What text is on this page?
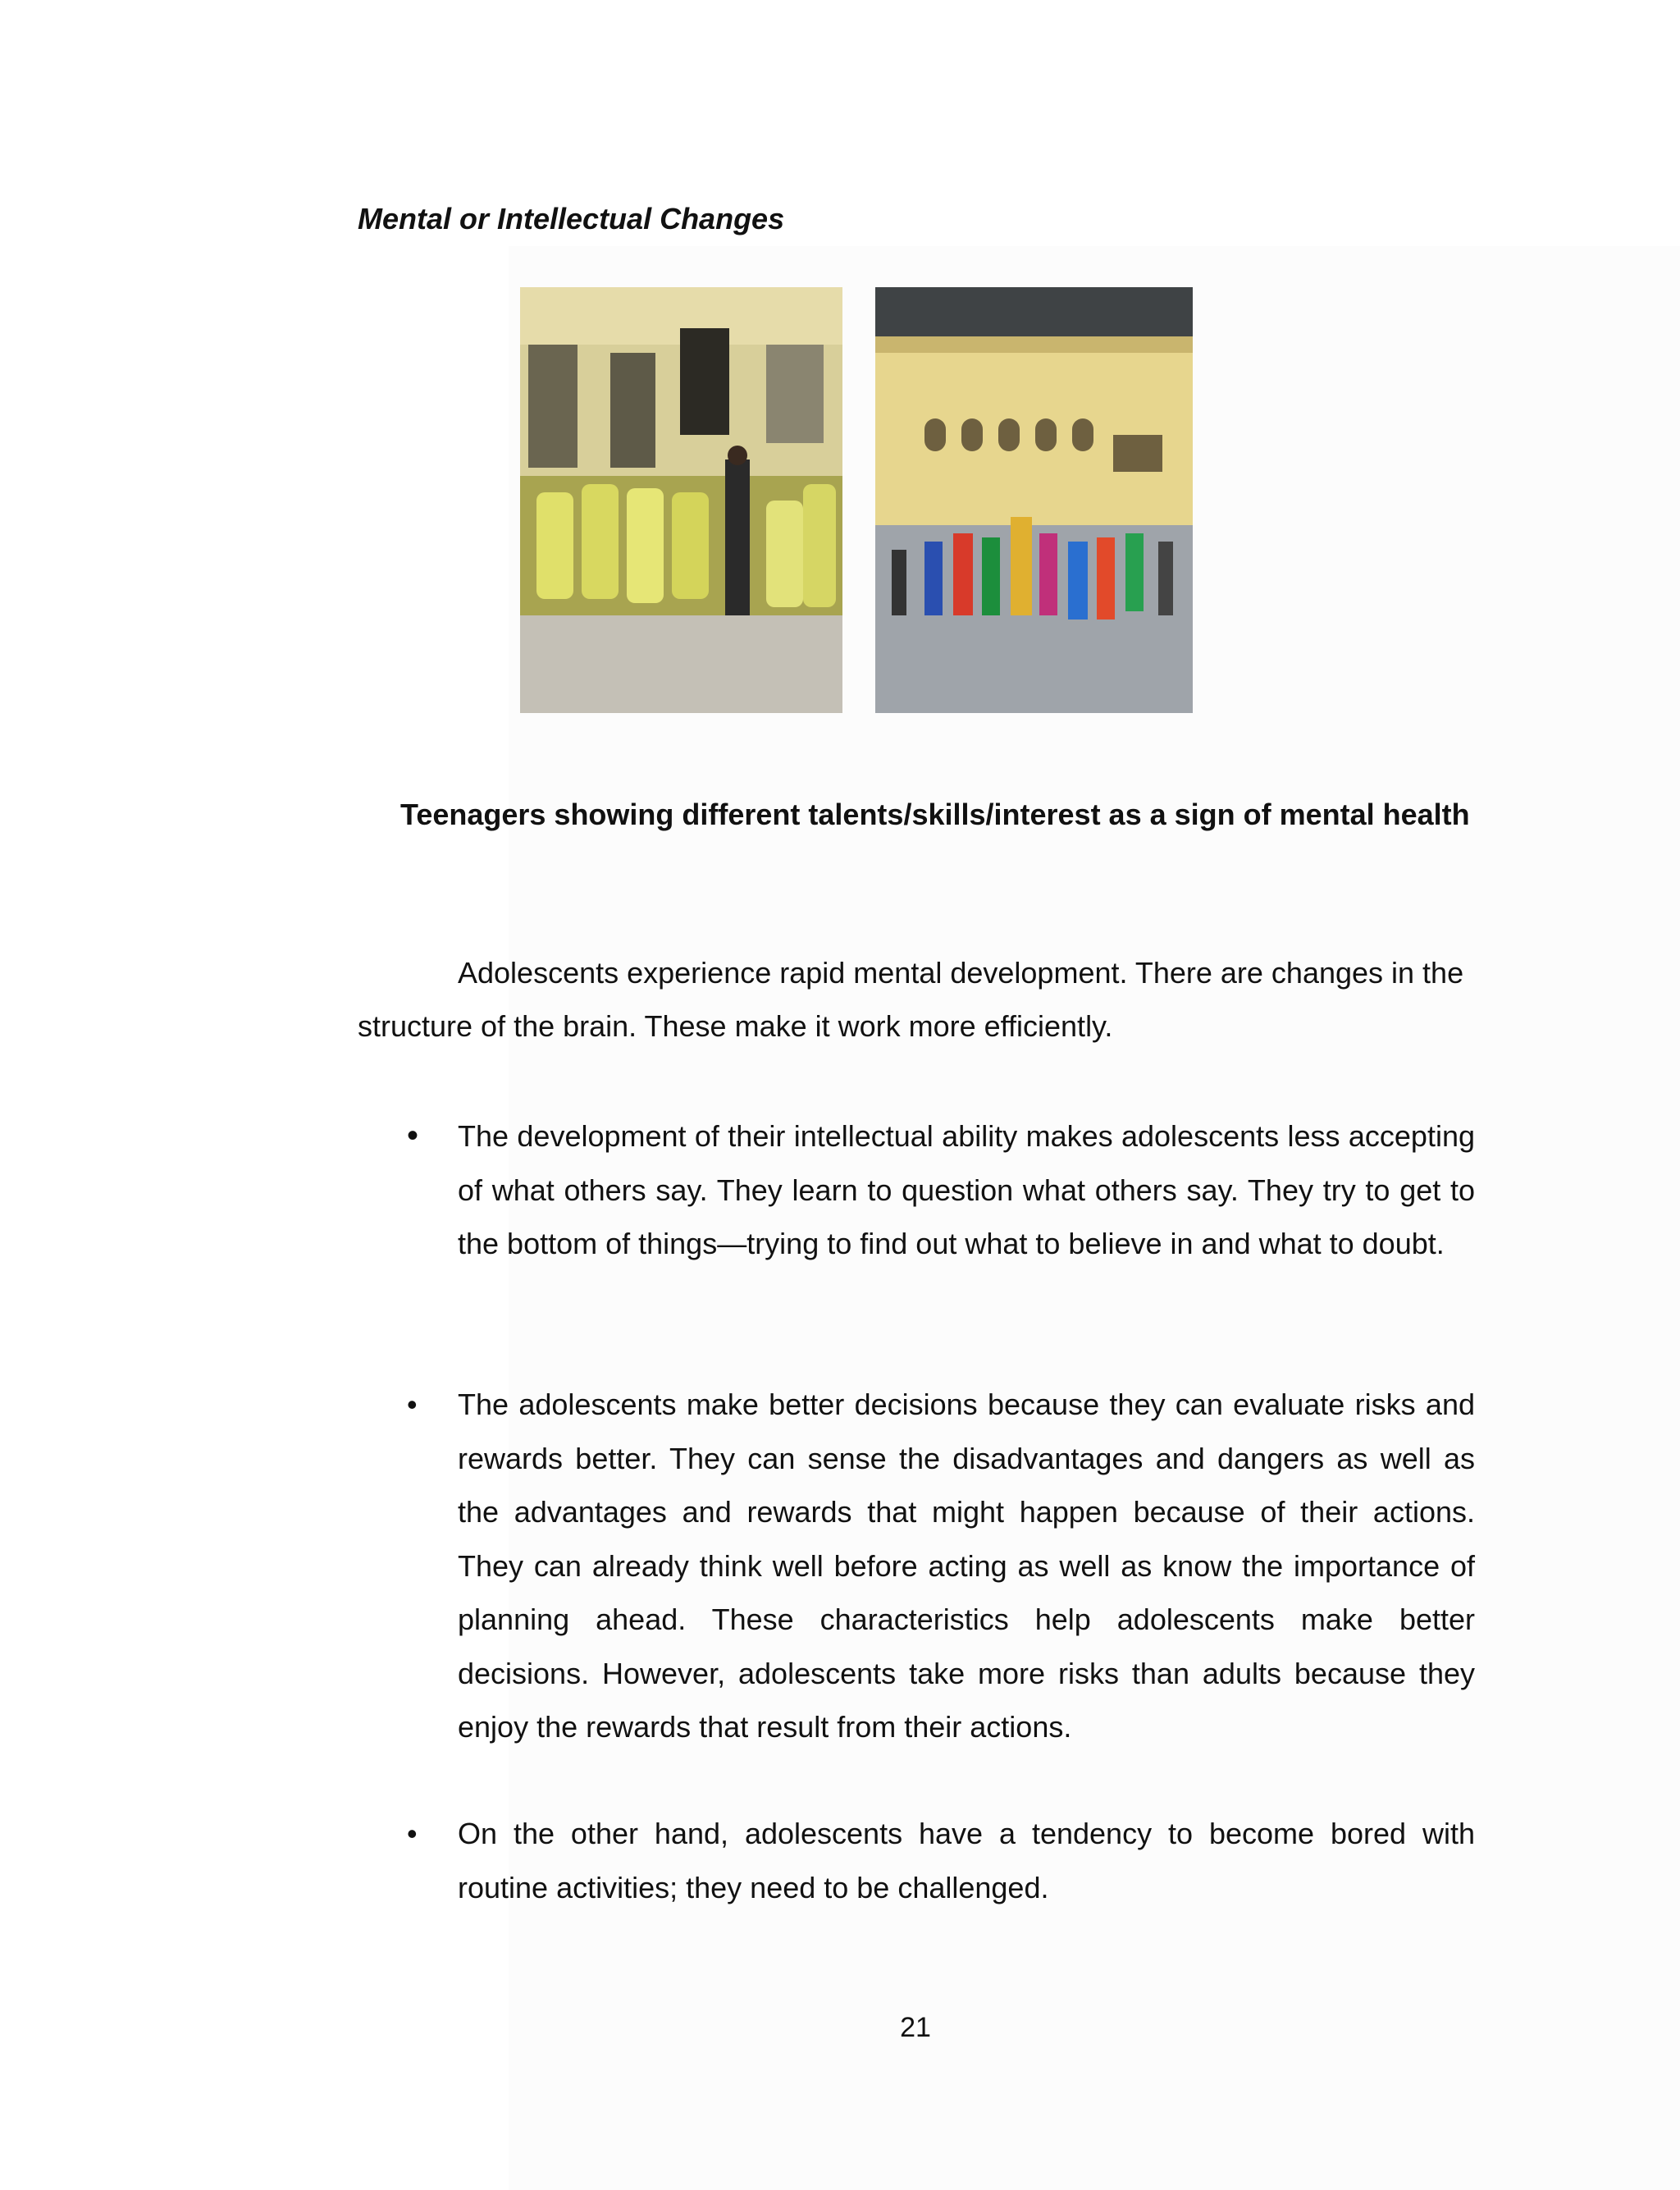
Mental or Intellectual Changes

Teenagers showing different talents/skills/interest as a sign of mental health

Adolescents experience rapid mental development. There are changes in the structure of the brain. These make it work more efficiently.

• The development of their intellectual ability makes adolescents less accepting of what others say. They learn to question what others say. They try to get to the bottom of things—trying to find out what to believe in and what to doubt.

• The adolescents make better decisions because they can evaluate risks and rewards better. They can sense the disadvantages and dangers as well as the advantages and rewards that might happen because of their actions. They can already think well before acting as well as know the importance of planning ahead. These characteristics help adolescents make better decisions. However, adolescents take more risks than adults because they enjoy the rewards that result from their actions.

• On the other hand, adolescents have a tendency to become bored with routine activities; they need to be challenged.

21
